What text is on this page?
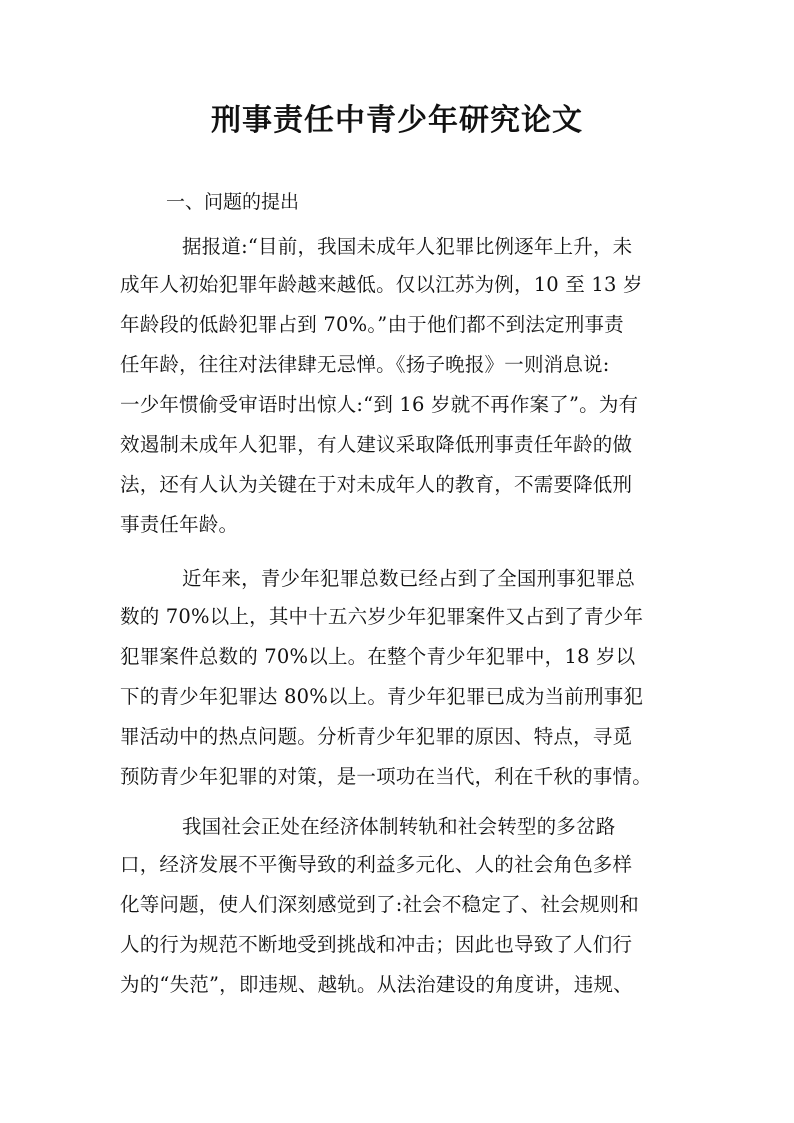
刑事责任中青少年研究论文
一、问题的提出
据报道:“目前，我国未成年人犯罪比例逐年上升，未
成年人初始犯罪年龄越来越低。仅以江苏为例，10 至 13 岁
年龄段的低龄犯罪占到 70%。”由于他们都不到法定刑事责
任年龄，往往对法律肆无忌惮。《扬子晚报》一则消息说:
一少年惯偷受审语时出惊人:“到 16 岁就不再作案了”。为有
效遏制未成年人犯罪，有人建议采取降低刑事责任年龄的做
法，还有人认为关键在于对未成年人的教育，不需要降低刑
事责任年龄。
近年来，青少年犯罪总数已经占到了全国刑事犯罪总
数的 70%以上，其中十五六岁少年犯罪案件又占到了青少年
犯罪案件总数的 70%以上。在整个青少年犯罪中，18 岁以
下的青少年犯罪达 80%以上。青少年犯罪已成为当前刑事犯
罪活动中的热点问题。分析青少年犯罪的原因、特点，寻觅
预防青少年犯罪的对策，是一项功在当代，利在千秋的事情。
我国社会正处在经济体制转轨和社会转型的多岔路
口，经济发展不平衡导致的利益多元化、人的社会角色多样
化等问题，使人们深刻感觉到了:社会不稳定了、社会规则和
人的行为规范不断地受到挑战和冲击；因此也导致了人们行
为的“失范”，即违规、越轨。从法治建设的角度讲，违规、
